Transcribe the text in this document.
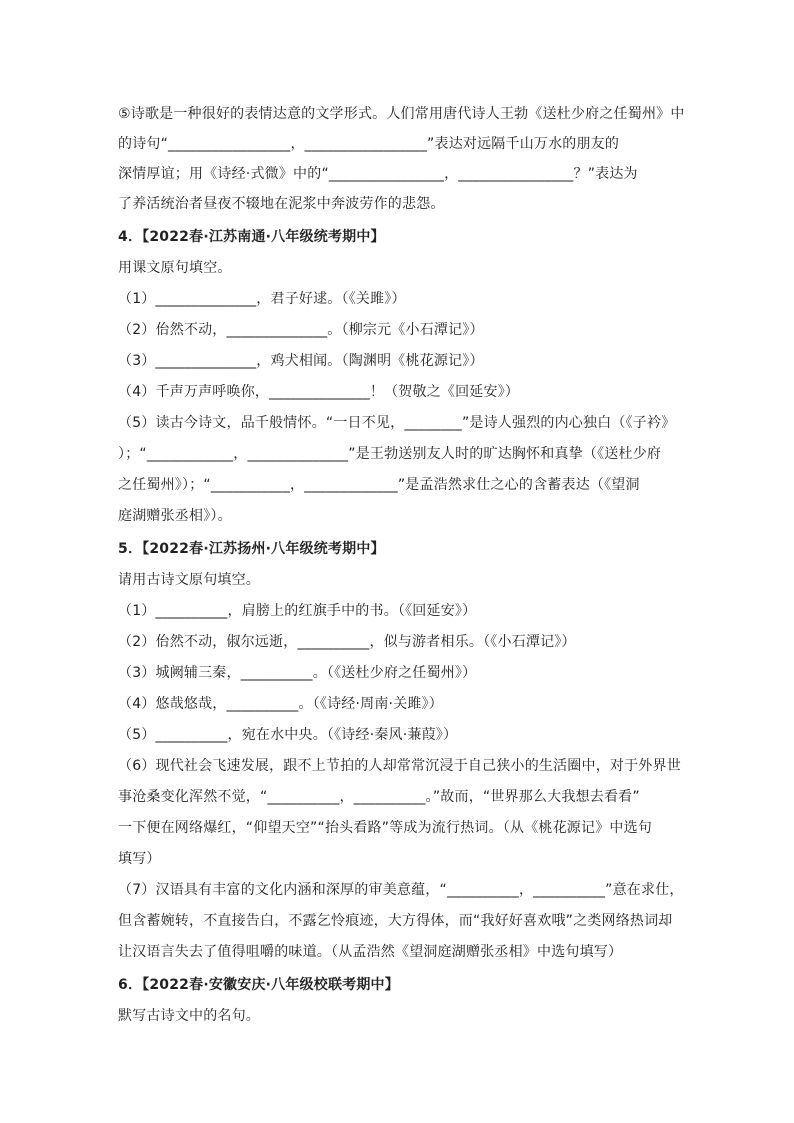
⑤诗歌是一种很好的表情达意的文学形式。人们常用唐代诗人王勃《送杜少府之任蜀州》中
的诗句“_________________，_________________”表达对远隔千山万水的朋友的
深情厚谊；用《诗经·式微》中的“________________，________________？”表达为
了养活统治者昼夜不辍地在泥浆中奔波劳作的悲怨。
4．【2022春·江苏南通·八年级统考期中】
用课文原句填空。
（1）______________，君子好逑。（《关雎》）
（2）佁然不动，______________。（柳宗元《小石潭记》）
（3）______________，鸡犬相闻。（陶渊明《桃花源记》）
（4）千声万声呼唤你，______________！（贺敬之《回延安》）
（5）读古今诗文，品千般情怀。“一日不见，________”是诗人强烈的内心独白（《子衿》
）；“____________，______________”是王勃送别友人时的旷达胸怀和真挚（《送杜少府
之任蜀州》）；“___________，_____________”是孟浩然求仕之心的含蓄表达（《望洞
庭湖赠张丞相》）。
5．【2022春·江苏扬州·八年级统考期中】
请用古诗文原句填空。
（1）__________，肩膀上的红旗手中的书。（《回延安》）
（2）佁然不动，俶尔远逝，__________，似与游者相乐。（《小石潭记》）
（3）城阙辅三秦，__________。（《送杜少府之任蜀州》）
（4）悠哉悠哉，__________。（《诗经·周南·关雎》）
（5）__________，宛在水中央。（《诗经·秦风·蒹葭》）
（6）现代社会飞速发展，跟不上节拍的人却常常沉浸于自己狭小的生活圈中，对于外界世
事沧桑变化浑然不觉，“__________，__________。”故而，“世界那么大我想去看看”
一下便在网络爆红，“仰望天空”“抬头看路”等成为流行热词。（从《桃花源记》中选句
填写）
（7）汉语具有丰富的文化内涵和深厚的审美意蕴，“__________，__________”意在求仕，
但含蓄婉转，不直接告白，不露乞怜痕迹，大方得体，而“我好好喜欢哦”之类网络热词却
让汉语言失去了值得咀嚼的味道。（从孟浩然《望洞庭湖赠张丞相》中选句填写）
6．【2022春·安徽安庆·八年级校联考期中】
默写古诗文中的名句。
